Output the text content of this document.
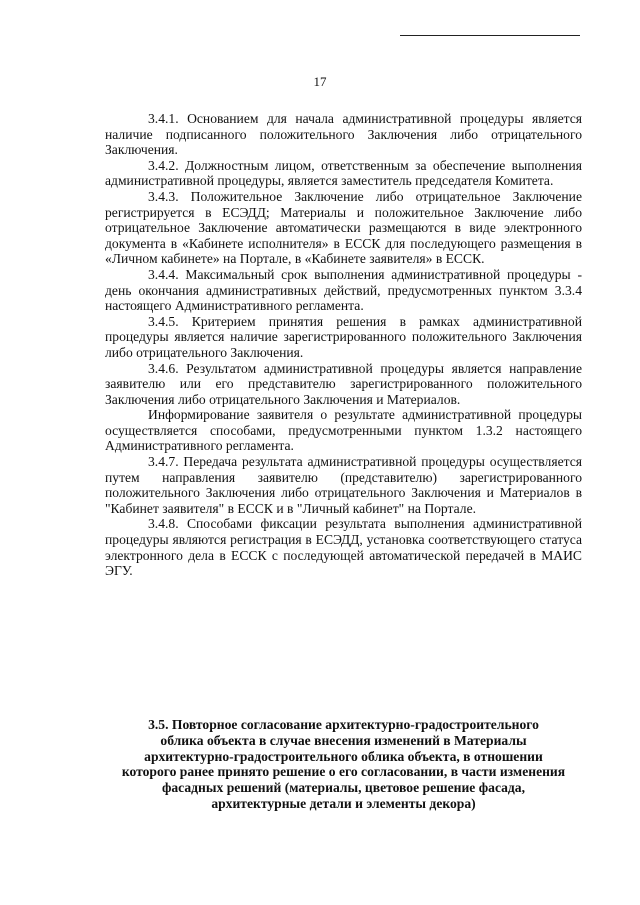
17

3.4.1. Основанием для начала административной процедуры является наличие подписанного положительного Заключения либо отрицательного Заключения.

3.4.2. Должностным лицом, ответственным за обеспечение выполнения административной процедуры, является заместитель председателя Комитета.

3.4.3. Положительное Заключение либо отрицательное Заключение регистрируется в ЕСЭДД; Материалы и положительное Заключение либо отрицательное Заключение автоматически размещаются в виде электронного документа в «Кабинете исполнителя» в ЕССК для последующего размещения в «Личном кабинете» на Портале, в «Кабинете заявителя» в ЕССК.

3.4.4. Максимальный срок выполнения административной процедуры - день окончания административных действий, предусмотренных пунктом 3.3.4 настоящего Административного регламента.

3.4.5. Критерием принятия решения в рамках административной процедуры является наличие зарегистрированного положительного Заключения либо отрицательного Заключения.

3.4.6. Результатом административной процедуры является направление заявителю или его представителю зарегистрированного положительного Заключения либо отрицательного Заключения и Материалов.

Информирование заявителя о результате административной процедуры осуществляется способами, предусмотренными пунктом 1.3.2 настоящего Административного регламента.

3.4.7. Передача результата административной процедуры осуществляется путем направления заявителю (представителю) зарегистрированного положительного Заключения либо отрицательного Заключения и Материалов в "Кабинет заявителя" в ЕССК и в "Личный кабинет" на Портале.

3.4.8. Способами фиксации результата выполнения административной процедуры являются регистрация в ЕСЭДД, установка соответствующего статуса электронного дела в ЕССК с последующей автоматической передачей в МАИС ЭГУ.

3.5. Повторное согласование архитектурно-градостроительного
облика объекта в случае внесения изменений в Материалы
архитектурно-градостроительного облика объекта, в отношении
которого ранее принято решение о его согласовании, в части изменения
фасадных решений (материалы, цветовое решение фасада,
архитектурные детали и элементы декора)
